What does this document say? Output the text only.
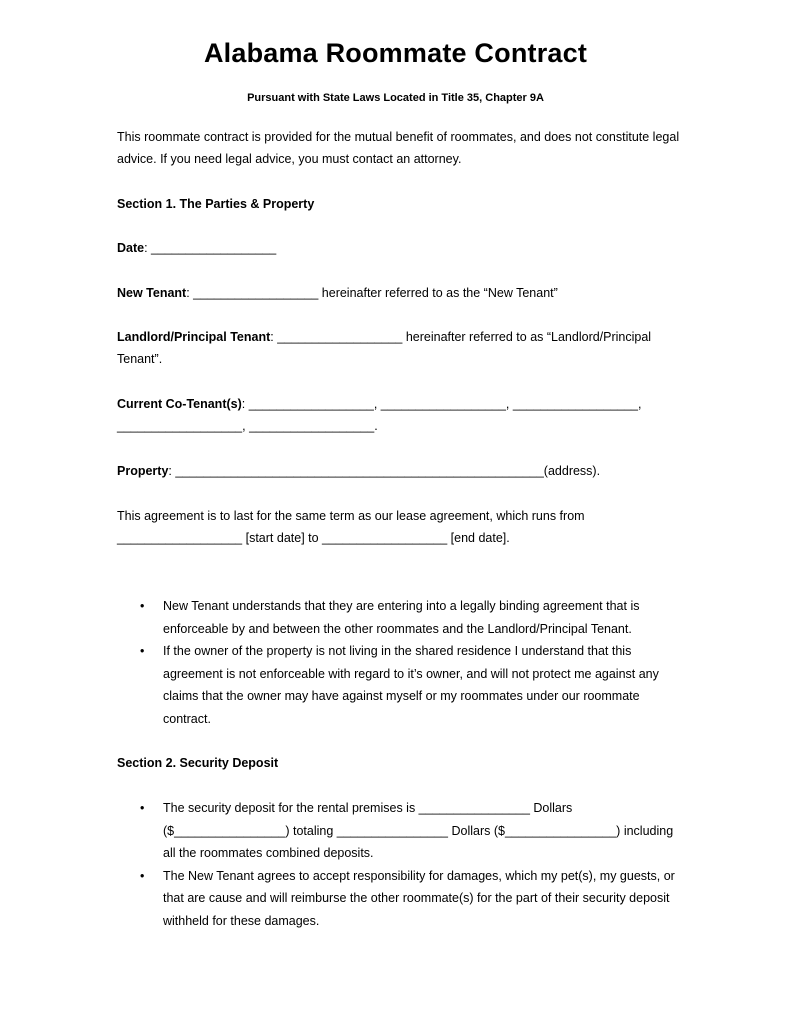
Alabama Roommate Contract
Pursuant with State Laws Located in Title 35, Chapter 9A
This roommate contract is provided for the mutual benefit of roommates, and does not constitute legal advice. If you need legal advice, you must contact an attorney.
Section 1. The Parties & Property
Date: __________________
New Tenant: __________________ hereinafter referred to as the “New Tenant”
Landlord/Principal Tenant: __________________ hereinafter referred to as “Landlord/Principal Tenant”.
Current Co-Tenant(s): __________________, __________________, __________________, __________________, __________________.
Property: _____________________________________________________(address).
This agreement is to last for the same term as our lease agreement, which runs from __________________ [start date] to __________________ [end date].
• New Tenant understands that they are entering into a legally binding agreement that is enforceable by and between the other roommates and the Landlord/Principal Tenant.
• If the owner of the property is not living in the shared residence I understand that this agreement is not enforceable with regard to it’s owner, and will not protect me against any claims that the owner may have against myself or my roommates under our roommate contract.
Section 2. Security Deposit
• The security deposit for the rental premises is ________________ Dollars ($________________) totaling ________________ Dollars ($________________) including all the roommates combined deposits.
• The New Tenant agrees to accept responsibility for damages, which my pet(s), my guests, or that are cause and will reimburse the other roommate(s) for the part of their security deposit withheld for these damages.
